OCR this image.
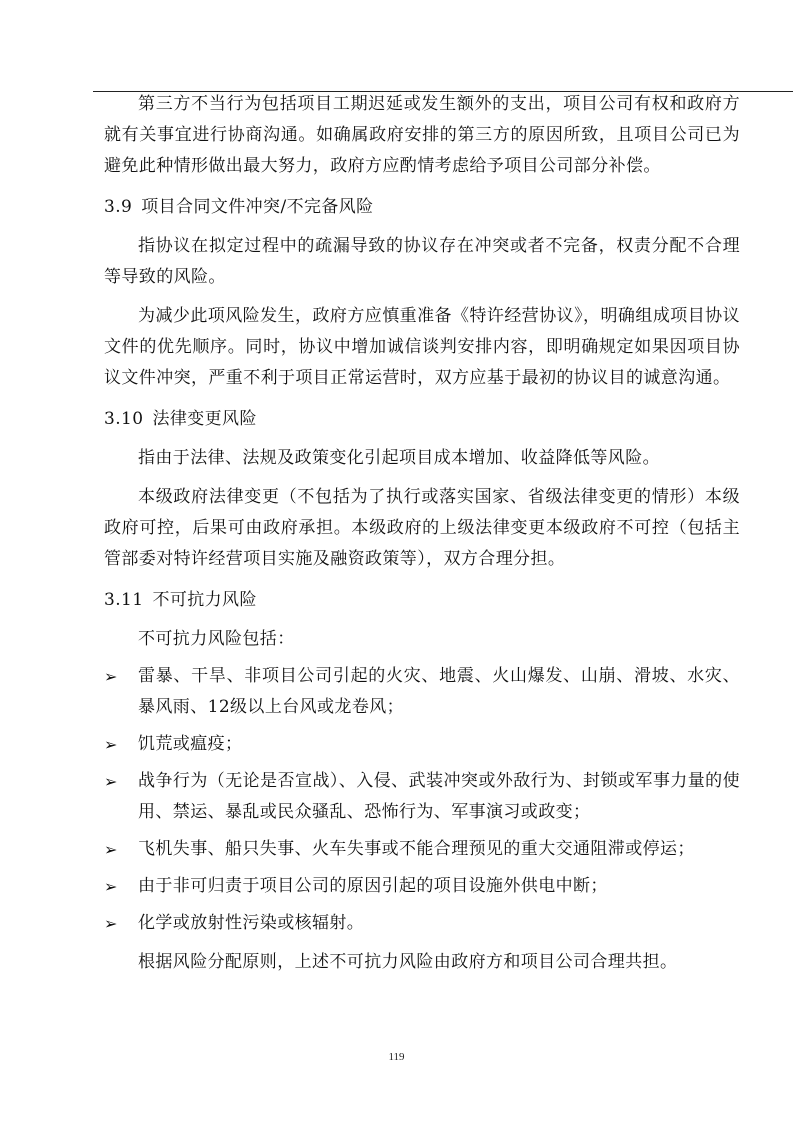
第三方不当行为包括项目工期迟延或发生额外的支出，项目公司有权和政府方就有关事宜进行协商沟通。如确属政府安排的第三方的原因所致，且项目公司已为避免此种情形做出最大努力，政府方应酌情考虑给予项目公司部分补偿。

3.9 项目合同文件冲突/不完备风险

指协议在拟定过程中的疏漏导致的协议存在冲突或者不完备，权责分配不合理等导致的风险。

为减少此项风险发生，政府方应慎重准备《特许经营协议》，明确组成项目协议文件的优先顺序。同时，协议中增加诚信谈判安排内容，即明确规定如果因项目协议文件冲突，严重不利于项目正常运营时，双方应基于最初的协议目的诚意沟通。

3.10 法律变更风险

指由于法律、法规及政策变化引起项目成本增加、收益降低等风险。

本级政府法律变更（不包括为了执行或落实国家、省级法律变更的情形）本级政府可控，后果可由政府承担。本级政府的上级法律变更本级政府不可控（包括主管部委对特许经营项目实施及融资政策等），双方合理分担。

3.11 不可抗力风险

不可抗力风险包括：

➢ 雷暴、干旱、非项目公司引起的火灾、地震、火山爆发、山崩、滑坡、水灾、暴风雨、12级以上台风或龙卷风；
➢ 饥荒或瘟疫；
➢ 战争行为（无论是否宣战）、入侵、武装冲突或外敌行为、封锁或军事力量的使用、禁运、暴乱或民众骚乱、恐怖行为、军事演习或政变；
➢ 飞机失事、船只失事、火车失事或不能合理预见的重大交通阻滞或停运；
➢ 由于非可归责于项目公司的原因引起的项目设施外供电中断；
➢ 化学或放射性污染或核辐射。

根据风险分配原则，上述不可抗力风险由政府方和项目公司合理共担。

119
